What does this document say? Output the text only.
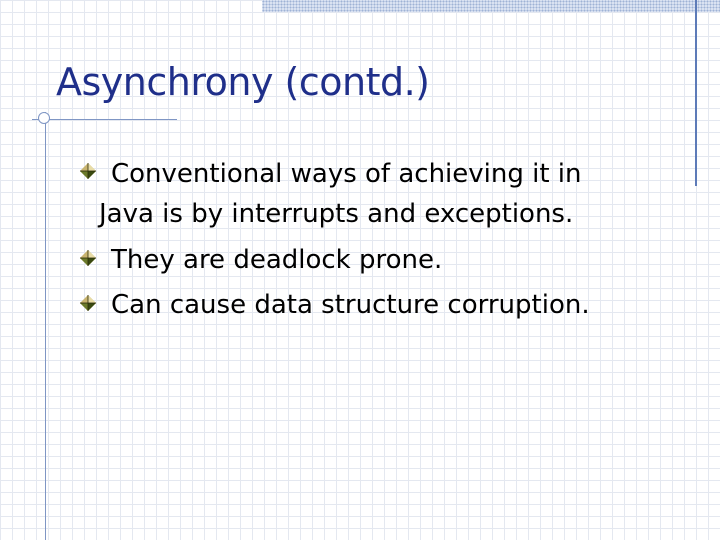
Asynchrony (contd.)
Conventional ways of achieving it in
Java is by interrupts and exceptions.
They are deadlock prone.
Can cause data structure corruption.
